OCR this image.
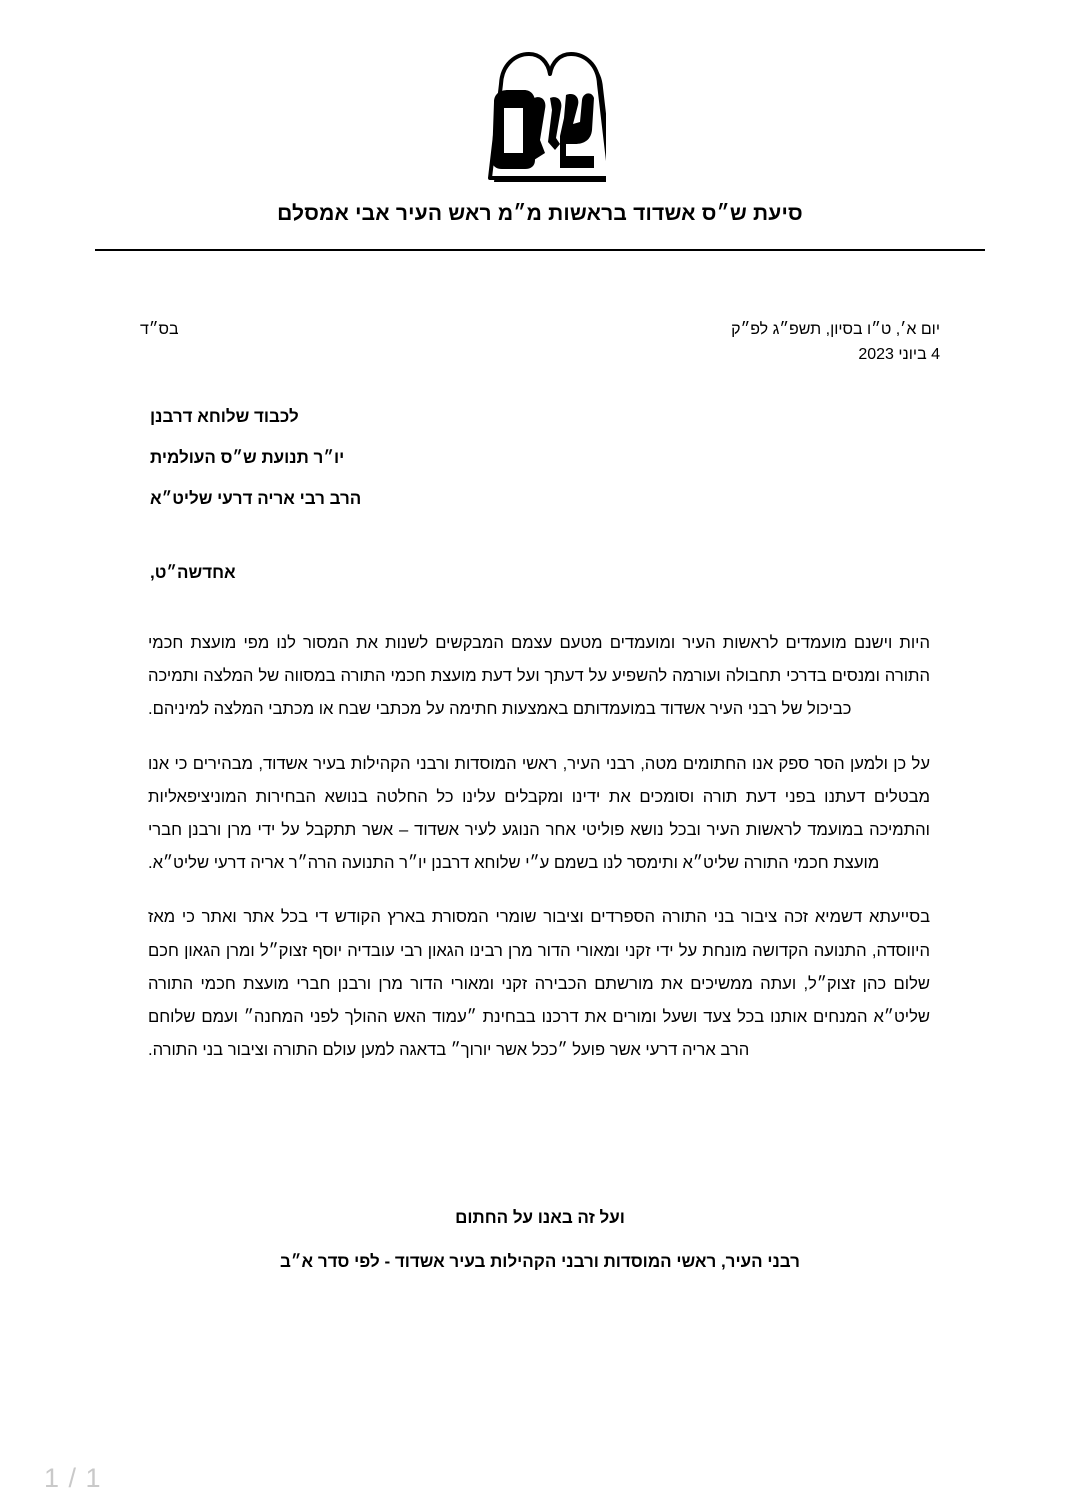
סיעת ש״ס אשדוד בראשות מ״מ ראש העיר אבי אמסלם
בס״ד	יום א׳, ט״ו בסיון, תשפ״ג לפ״ק
4 ביוני 2023
לכבוד שלוחא דרבנן
יו״ר תנועת ש״ס העולמית
הרב רבי אריה דרעי שליט״א
אחדשה״ט,

היות וישנם מועמדים לראשות העיר ומועמדים מטעם עצמם המבקשים לשנות את המסור לנו מפי מועצת חכמי התורה ומנסים בדרכי תחבולה ועורמה להשפיע על דעתך ועל דעת מועצת חכמי התורה במסווה של המלצה ותמיכה כביכול של רבני העיר אשדוד במועמדותם באמצעות חתימה על מכתבי שבח או מכתבי המלצה למיניהם.

על כן ולמען הסר ספק אנו החתומים מטה, רבני העיר, ראשי המוסדות ורבני הקהילות בעיר אשדוד, מבהירים כי אנו מבטלים דעתנו בפני דעת תורה וסומכים את ידינו ומקבלים עלינו כל החלטה בנושא הבחירות המוניציפאליות והתמיכה במועמד לראשות העיר ובכל נושא פוליטי אחר הנוגע לעיר אשדוד – אשר תתקבל על ידי מרן ורבנן חברי מועצת חכמי התורה שליט״א ותימסר לנו בשמם ע״י שלוחא דרבנן יו״ר התנועה הרה״ר אריה דרעי שליט״א.

בסייעתא דשמיא זכה ציבור בני התורה הספרדים וציבור שומרי המסורת בארץ הקודש די בכל אתר ואתר כי מאז היווסדה, התנועה הקדושה מונחת על ידי זקני ומאורי הדור מרן רבינו הגאון רבי עובדיה יוסף זצוק״ל ומרן הגאון חכם שלום כהן זצוק״ל, ועתה ממשיכים את מורשתם הכבירה זקני ומאורי הדור מרן ורבנן חברי מועצת חכמי התורה שליט״א המנחים אותנו בכל צעד ושעל ומורים את דרכנו בבחינת ״עמוד האש ההולך לפני המחנה״ ועמם שלוחם הרב אריה דרעי אשר פועל ״ככל אשר יורוך״ בדאגה למען עולם התורה וציבור בני התורה.

ועל זה באנו על החתום
רבני העיר, ראשי המוסדות ורבני הקהילות בעיר אשדוד - לפי סדר א״ב
1 / 1
